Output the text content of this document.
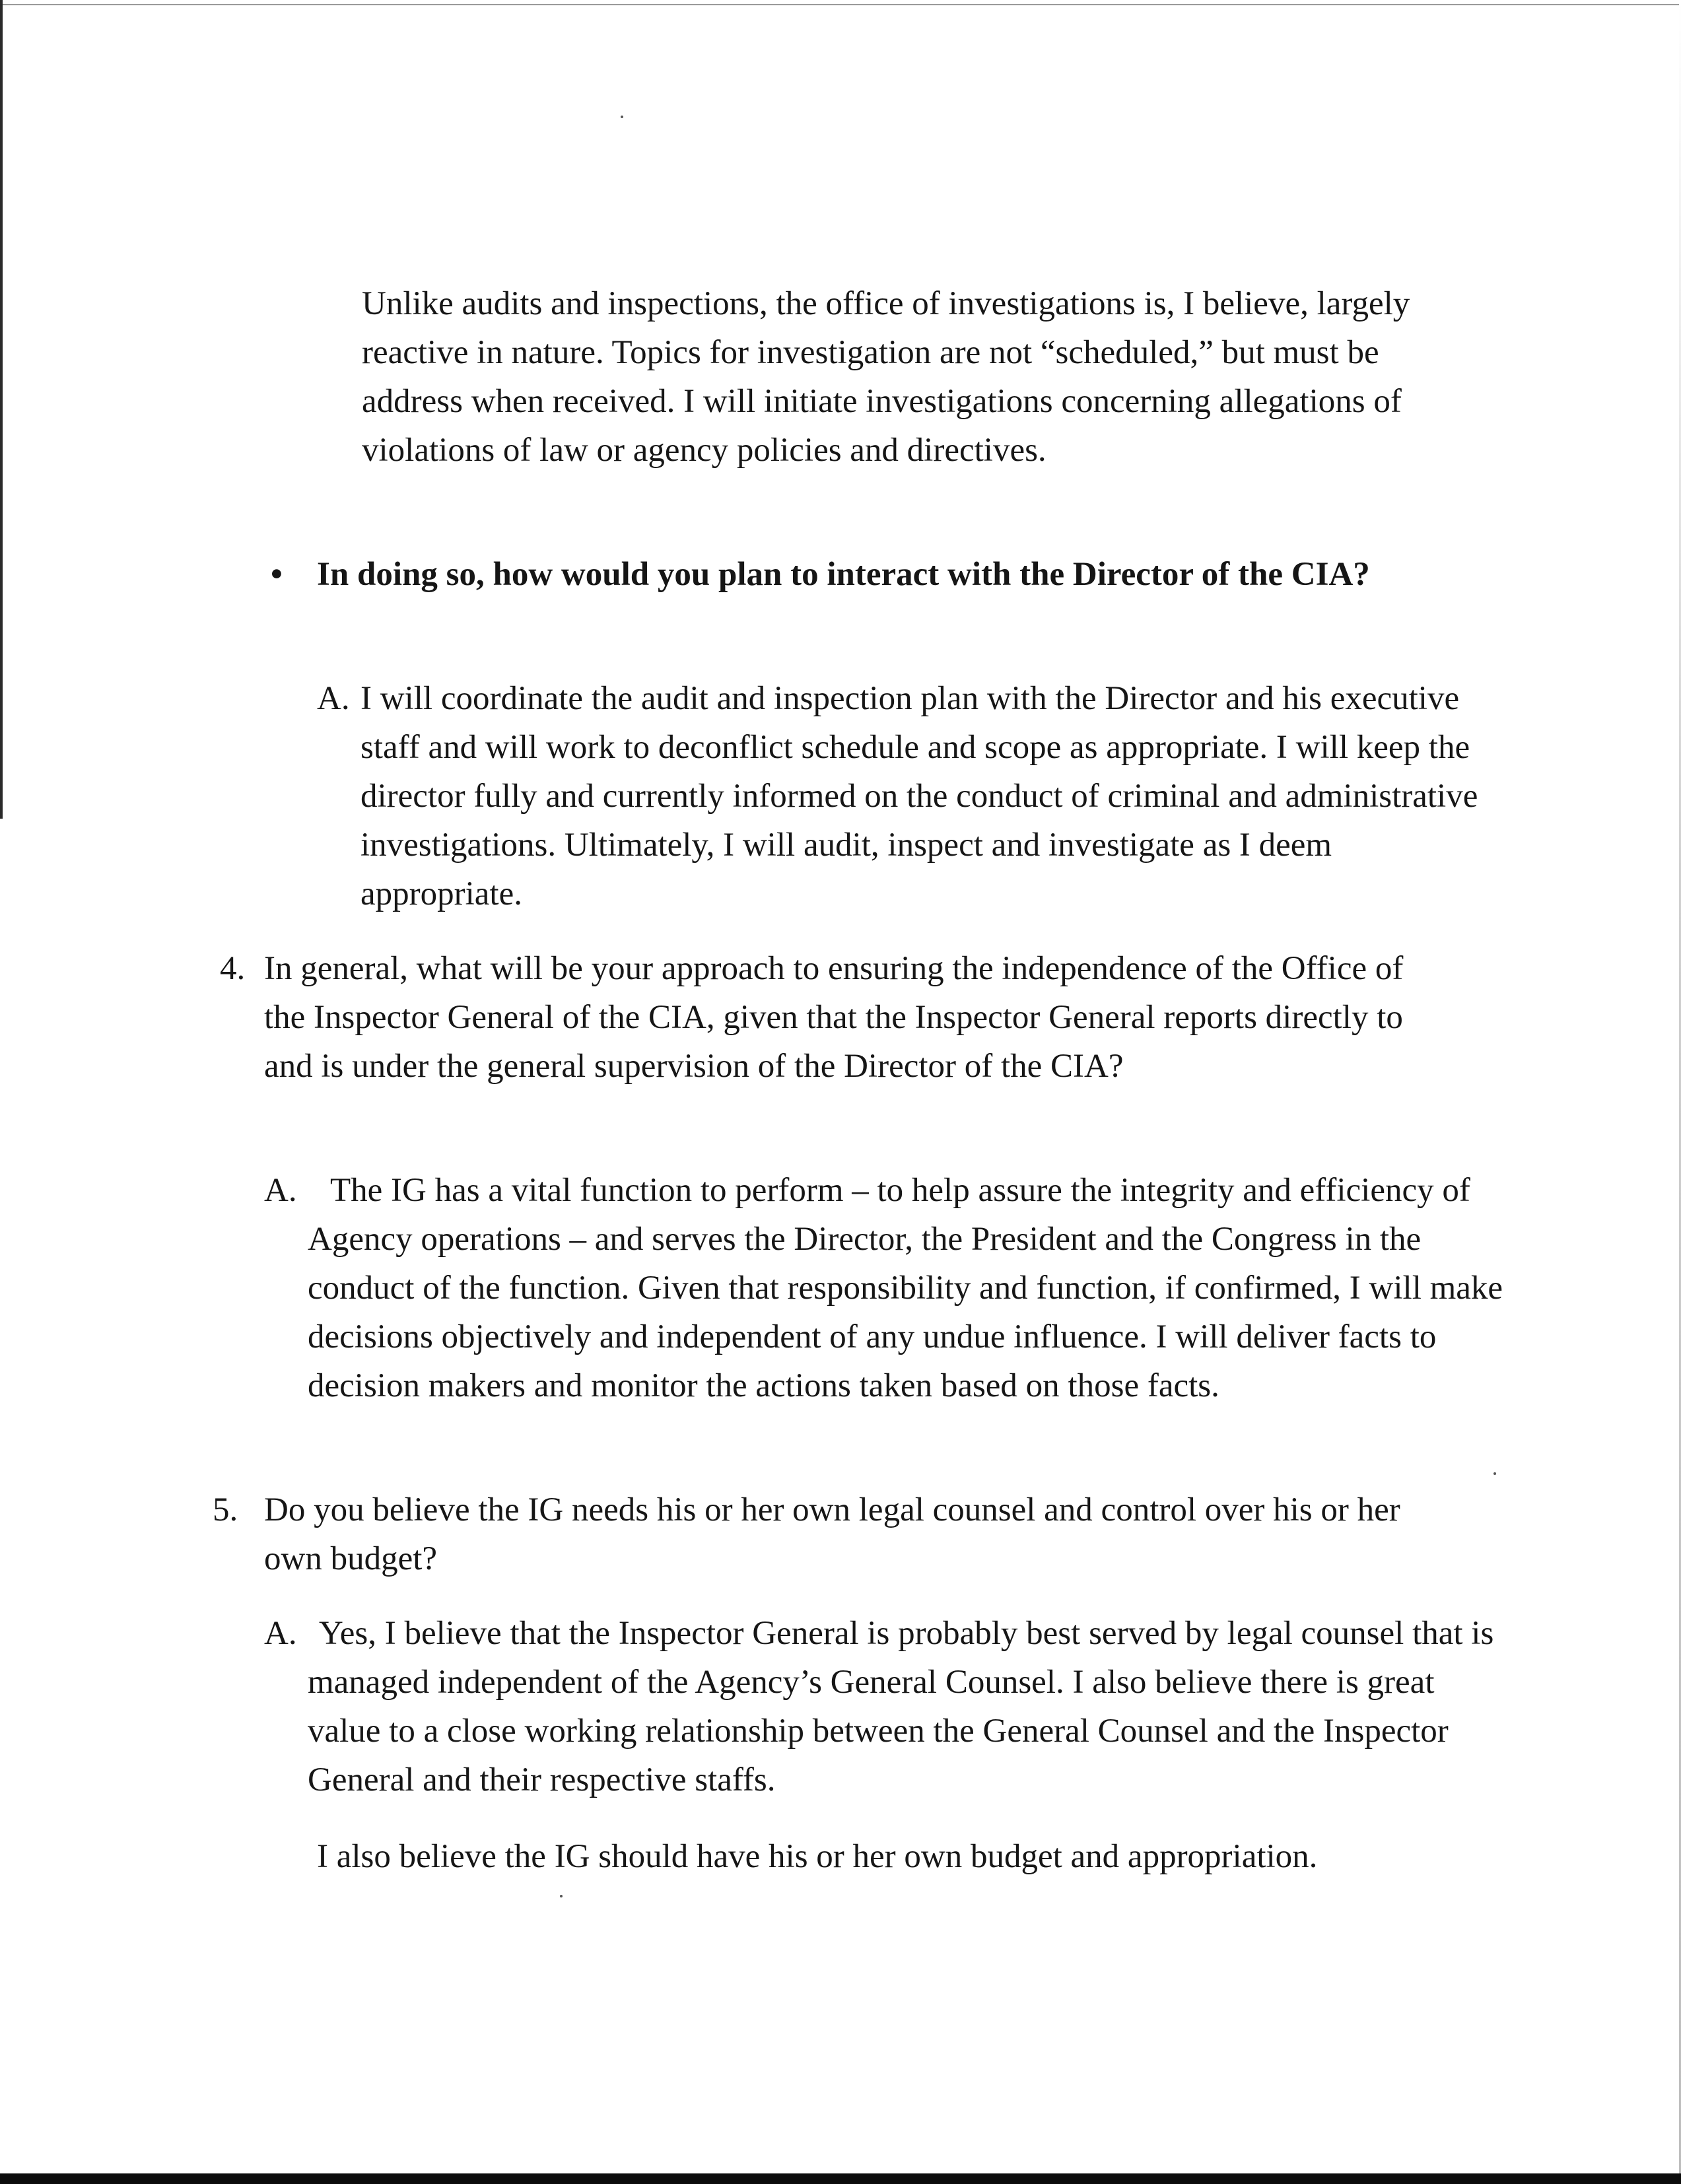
Unlike audits and inspections, the office of investigations is, I believe, largely reactive in nature. Topics for investigation are not “scheduled,” but must be address when received. I will initiate investigations concerning allegations of violations of law or agency policies and directives.

• In doing so, how would you plan to interact with the Director of the CIA?

A. I will coordinate the audit and inspection plan with the Director and his executive staff and will work to deconflict schedule and scope as appropriate. I will keep the director fully and currently informed on the conduct of criminal and administrative investigations. Ultimately, I will audit, inspect and investigate as I deem appropriate.

4. In general, what will be your approach to ensuring the independence of the Office of the Inspector General of the CIA, given that the Inspector General reports directly to and is under the general supervision of the Director of the CIA?

A. The IG has a vital function to perform – to help assure the integrity and efficiency of Agency operations – and serves the Director, the President and the Congress in the conduct of the function. Given that responsibility and function, if confirmed, I will make decisions objectively and independent of any undue influence. I will deliver facts to decision makers and monitor the actions taken based on those facts.

5. Do you believe the IG needs his or her own legal counsel and control over his or her own budget?

A. Yes, I believe that the Inspector General is probably best served by legal counsel that is managed independent of the Agency’s General Counsel. I also believe there is great value to a close working relationship between the General Counsel and the Inspector General and their respective staffs.

I also believe the IG should have his or her own budget and appropriation.
